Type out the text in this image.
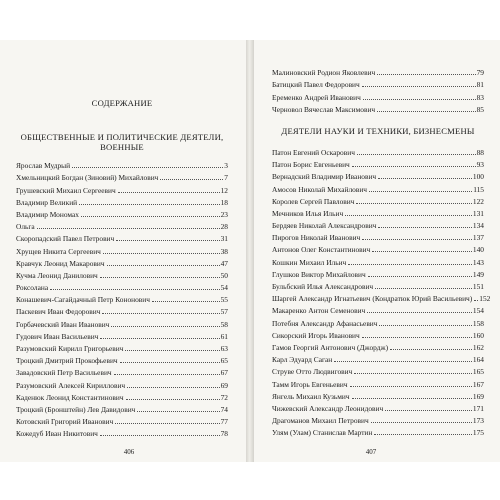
СОДЕРЖАНИЕ
ОБЩЕСТВЕННЫЕ И ПОЛИТИЧЕСКИЕ ДЕЯТЕЛИ, ВОЕННЫЕ
Ярослав Мудрый	3
Хмельницкий Богдан (Зиновий) Михайлович	7
Грушевский Михаил Сергеевич	12
Владимир Великий	18
Владимир Мономах	23
Ольга	28
Скоропадский Павел Петрович	31
Хрущев Никита Сергеевич	38
Кравчук Леонид Макарович	47
Кучма Леонид Данилович	50
Роксолана	54
Конашевич-Сагайдачный Петр Кононович	55
Паскевич Иван Федорович	57
Горбачевский Иван Иванович	58
Гудович Иван Васильевич	61
Разумовский Кирилл Григорьевич	63
Троцкий Дмитрий Прокофьевич	65
Завадовский Петр Васильевич	67
Разумовский Алексей Кириллович	69
Каденюк Леонид Константинович	72
Троцкий (Бронштейн) Лев Давидович	74
Котовский Григорий Иванович	77
Кожедуб Иван Никитович	78
406
Малиновский Родион Яковлевич	79
Батицкий Павел Федорович	81
Еременко Андрей Иванович	83
Черновол Вячеслав Максимович	85
ДЕЯТЕЛИ НАУКИ И ТЕХНИКИ, БИЗНЕСМЕНЫ
Патон Евгений Оскарович	88
Патон Борис Евгеньевич	93
Вернадский Владимир Иванович	100
Амосов Николай Михайлович	115
Королев Сергей Павлович	122
Мечников Илья Ильич	131
Бердяев Николай Александрович	134
Пирогов Николай Иванович	137
Антонов Олег Константинович	140
Кошкин Михаил Ильич	143
Глушков Виктор Михайлович	149
Бульбский Илья Александрович	151
Шаргей Александр Игнатьевич (Кондратюк Юрий Васильевич) 152
Макаренко Антон Семенович	154
Потебня Александр Афанасьевич	158
Сикорский Игорь Иванович	160
Гамов Георгий Антонович (Джордж)	162
Карл Эдуард Саган	164
Струве Отто Людвигович	165
Тамм Игорь Евгеньевич	167
Янгель Михаил Кузьмич	169
Чижевский Александр Леонидович	171
Драгоманов Михаил Петрович	173
Улям (Улам) Станислав Мартин	175
407
